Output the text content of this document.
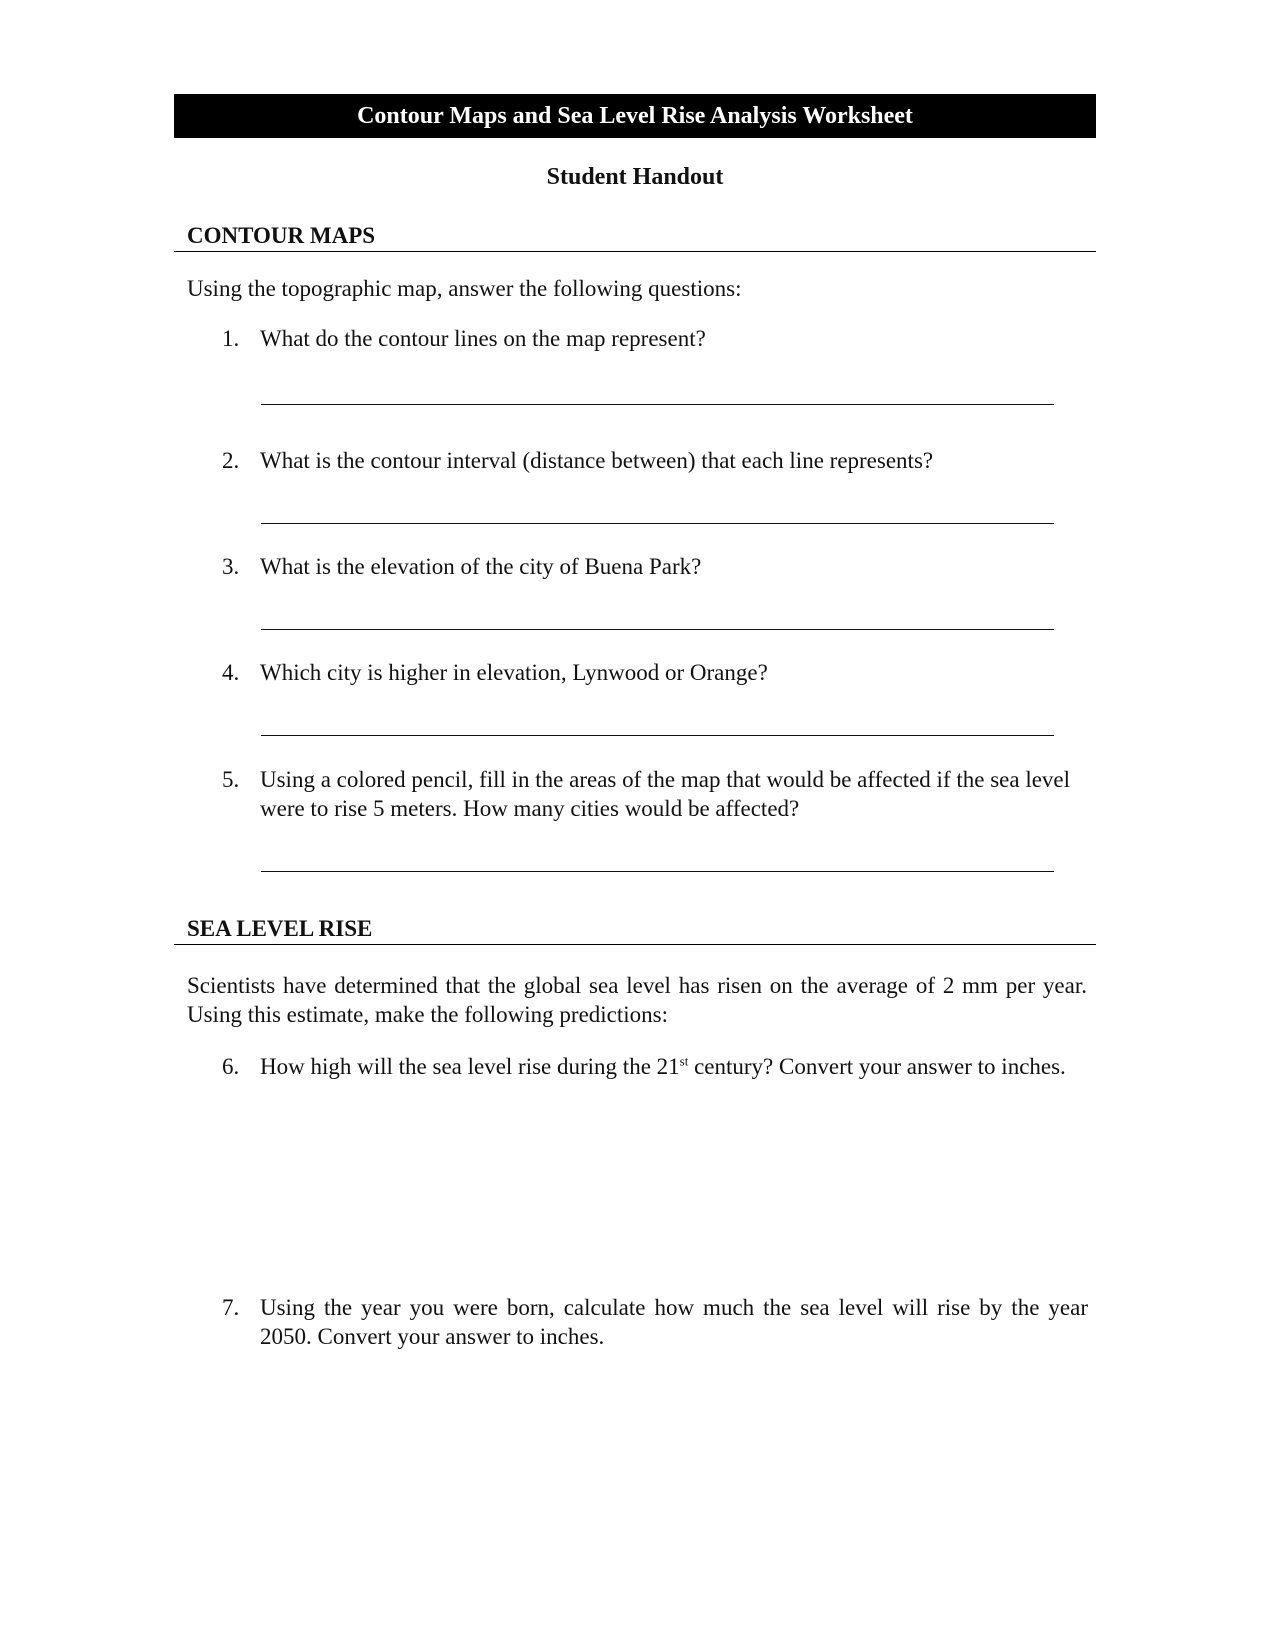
Contour Maps and Sea Level Rise Analysis Worksheet
Student Handout
CONTOUR MAPS
Using the topographic map, answer the following questions:
1. What do the contour lines on the map represent?
2. What is the contour interval (distance between) that each line represents?
3. What is the elevation of the city of Buena Park?
4. Which city is higher in elevation, Lynwood or Orange?
5. Using a colored pencil, fill in the areas of the map that would be affected if the sea level were to rise 5 meters. How many cities would be affected?
SEA LEVEL RISE
Scientists have determined that the global sea level has risen on the average of 2 mm per year. Using this estimate, make the following predictions:
6. How high will the sea level rise during the 21st century? Convert your answer to inches.
7. Using the year you were born, calculate how much the sea level will rise by the year 2050. Convert your answer to inches.
